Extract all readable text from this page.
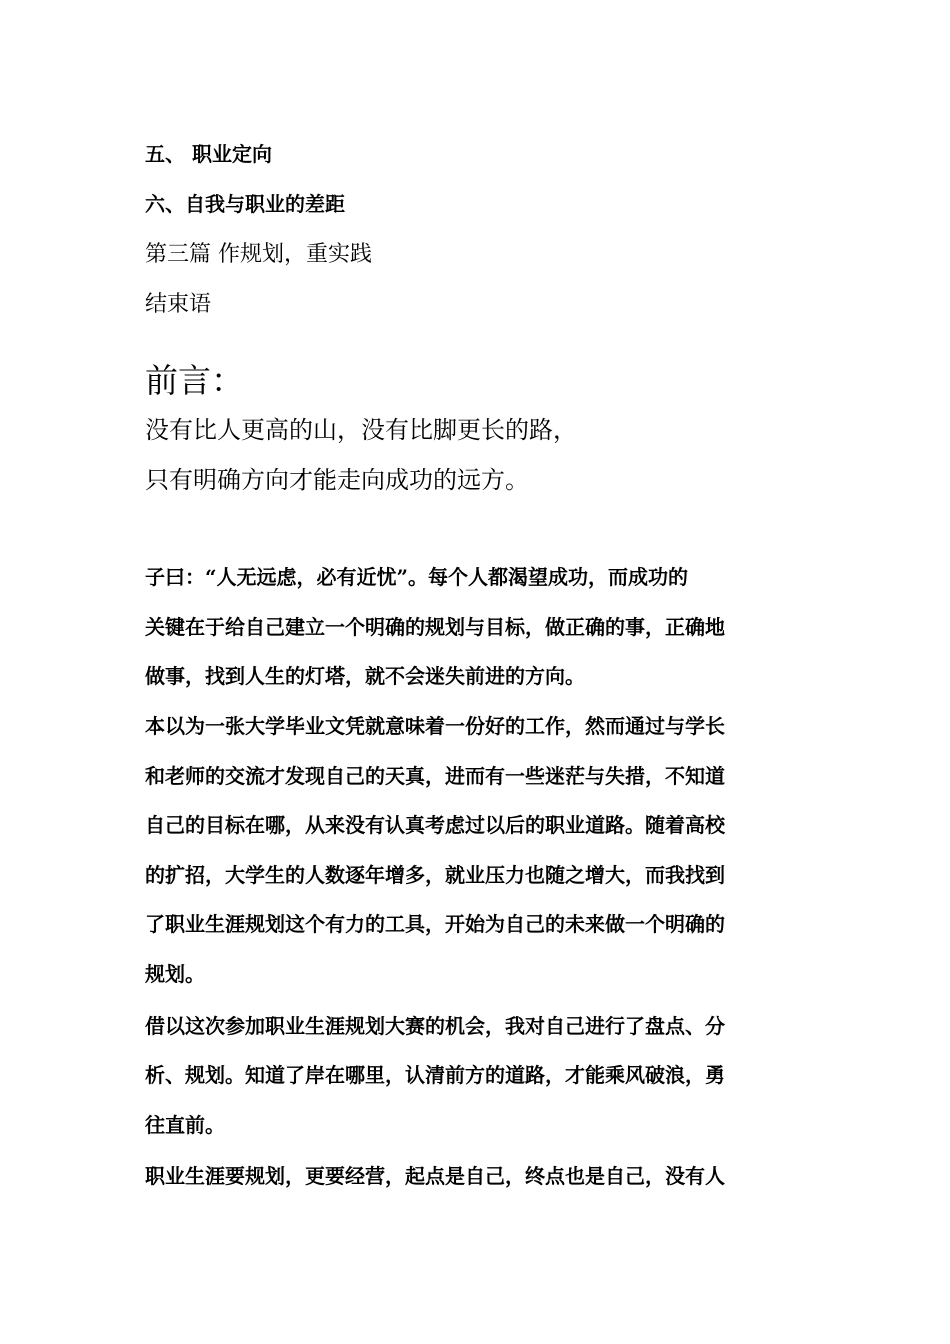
五、 职业定向
六、自我与职业的差距
第三篇 作规划，重实践
结束语
前言：
没有比人更高的山，没有比脚更长的路，
只有明确方向才能走向成功的远方。
子曰：“人无远虑，必有近忧”。每个人都渴望成功，而成功的
关键在于给自己建立一个明确的规划与目标，做正确的事，正确地
做事，找到人生的灯塔，就不会迷失前进的方向。
本以为一张大学毕业文凭就意味着一份好的工作，然而通过与学长
和老师的交流才发现自己的天真，进而有一些迷茫与失措，不知道
自己的目标在哪，从来没有认真考虑过以后的职业道路。随着高校
的扩招，大学生的人数逐年增多，就业压力也随之增大，而我找到
了职业生涯规划这个有力的工具，开始为自己的未来做一个明确的
规划。
借以这次参加职业生涯规划大赛的机会，我对自己进行了盘点、分
析、规划。知道了岸在哪里，认清前方的道路，才能乘风破浪，勇
往直前。
职业生涯要规划，更要经营，起点是自己，终点也是自己，没有人
